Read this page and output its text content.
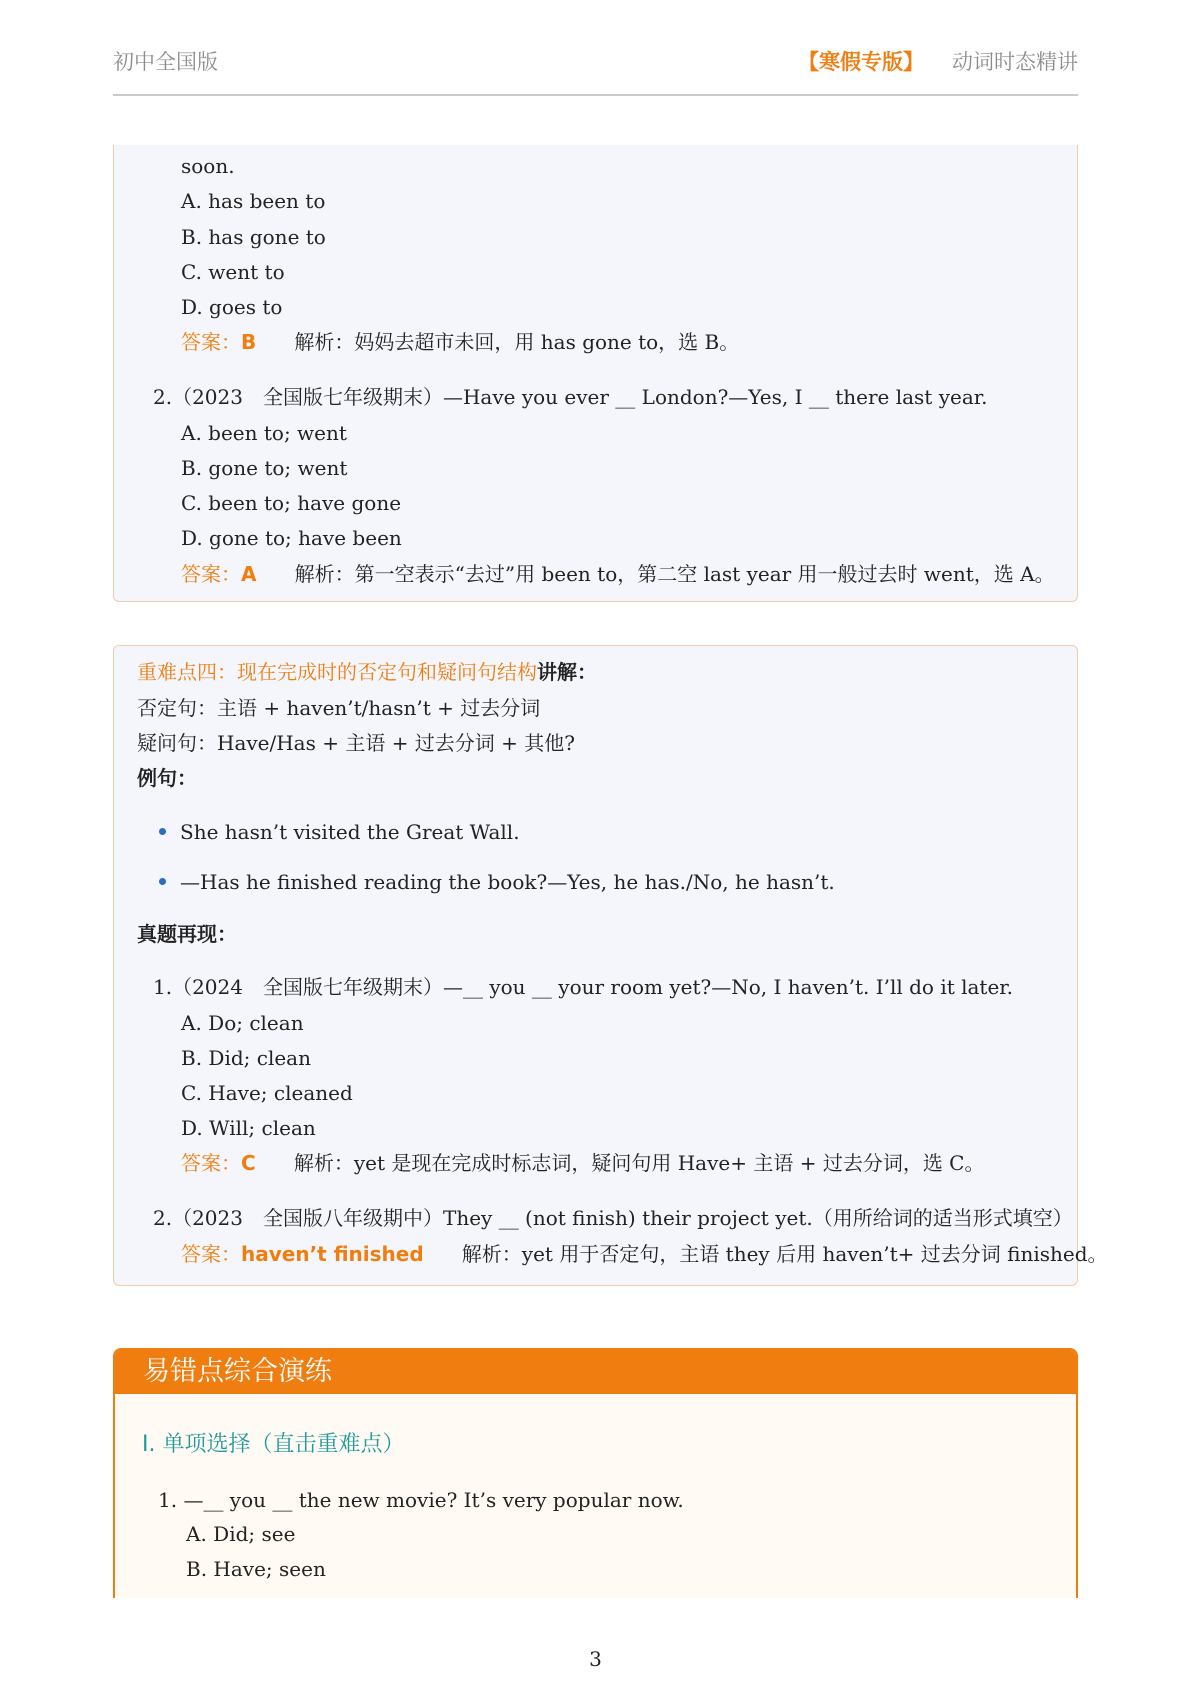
初中全国版	【寒假专版】 动词时态精讲
soon.
A. has been to
B. has gone to
C. went to
D. goes to
答案：B 解析：妈妈去超市未回，用 has gone to，选 B。
2.（2023　全国版七年级期末）—Have you ever __ London?—Yes, I __ there last year.
A. been to; went
B. gone to; went
C. been to; have gone
D. gone to; have been
答案：A 解析：第一空表示“去过”用 been to，第二空 last year 用一般过去时 went，选 A。
重难点四：现在完成时的否定句和疑问句结构讲解：
否定句：主语 + haven’t/hasn’t + 过去分词
疑问句：Have/Has + 主语 + 过去分词 + 其他?
例句：
She hasn’t visited the Great Wall.
—Has he finished reading the book?—Yes, he has./No, he hasn’t.
真题再现：
1.（2024　全国版七年级期末）—__ you __ your room yet?—No, I haven’t. I’ll do it later.
A. Do; clean
B. Did; clean
C. Have; cleaned
D. Will; clean
答案：C 解析：yet 是现在完成时标志词，疑问句用 Have+ 主语 + 过去分词，选 C。
2.（2023　全国版八年级期中）They __ (not finish) their project yet.（用所给词的适当形式填空）
答案：haven’t finished 解析：yet 用于否定句，主语 they 后用 haven’t+ 过去分词 finished。
易错点综合演练
I. 单项选择（直击重难点）
1. —__ you __ the new movie? It’s very popular now.
A. Did; see
B. Have; seen
3
